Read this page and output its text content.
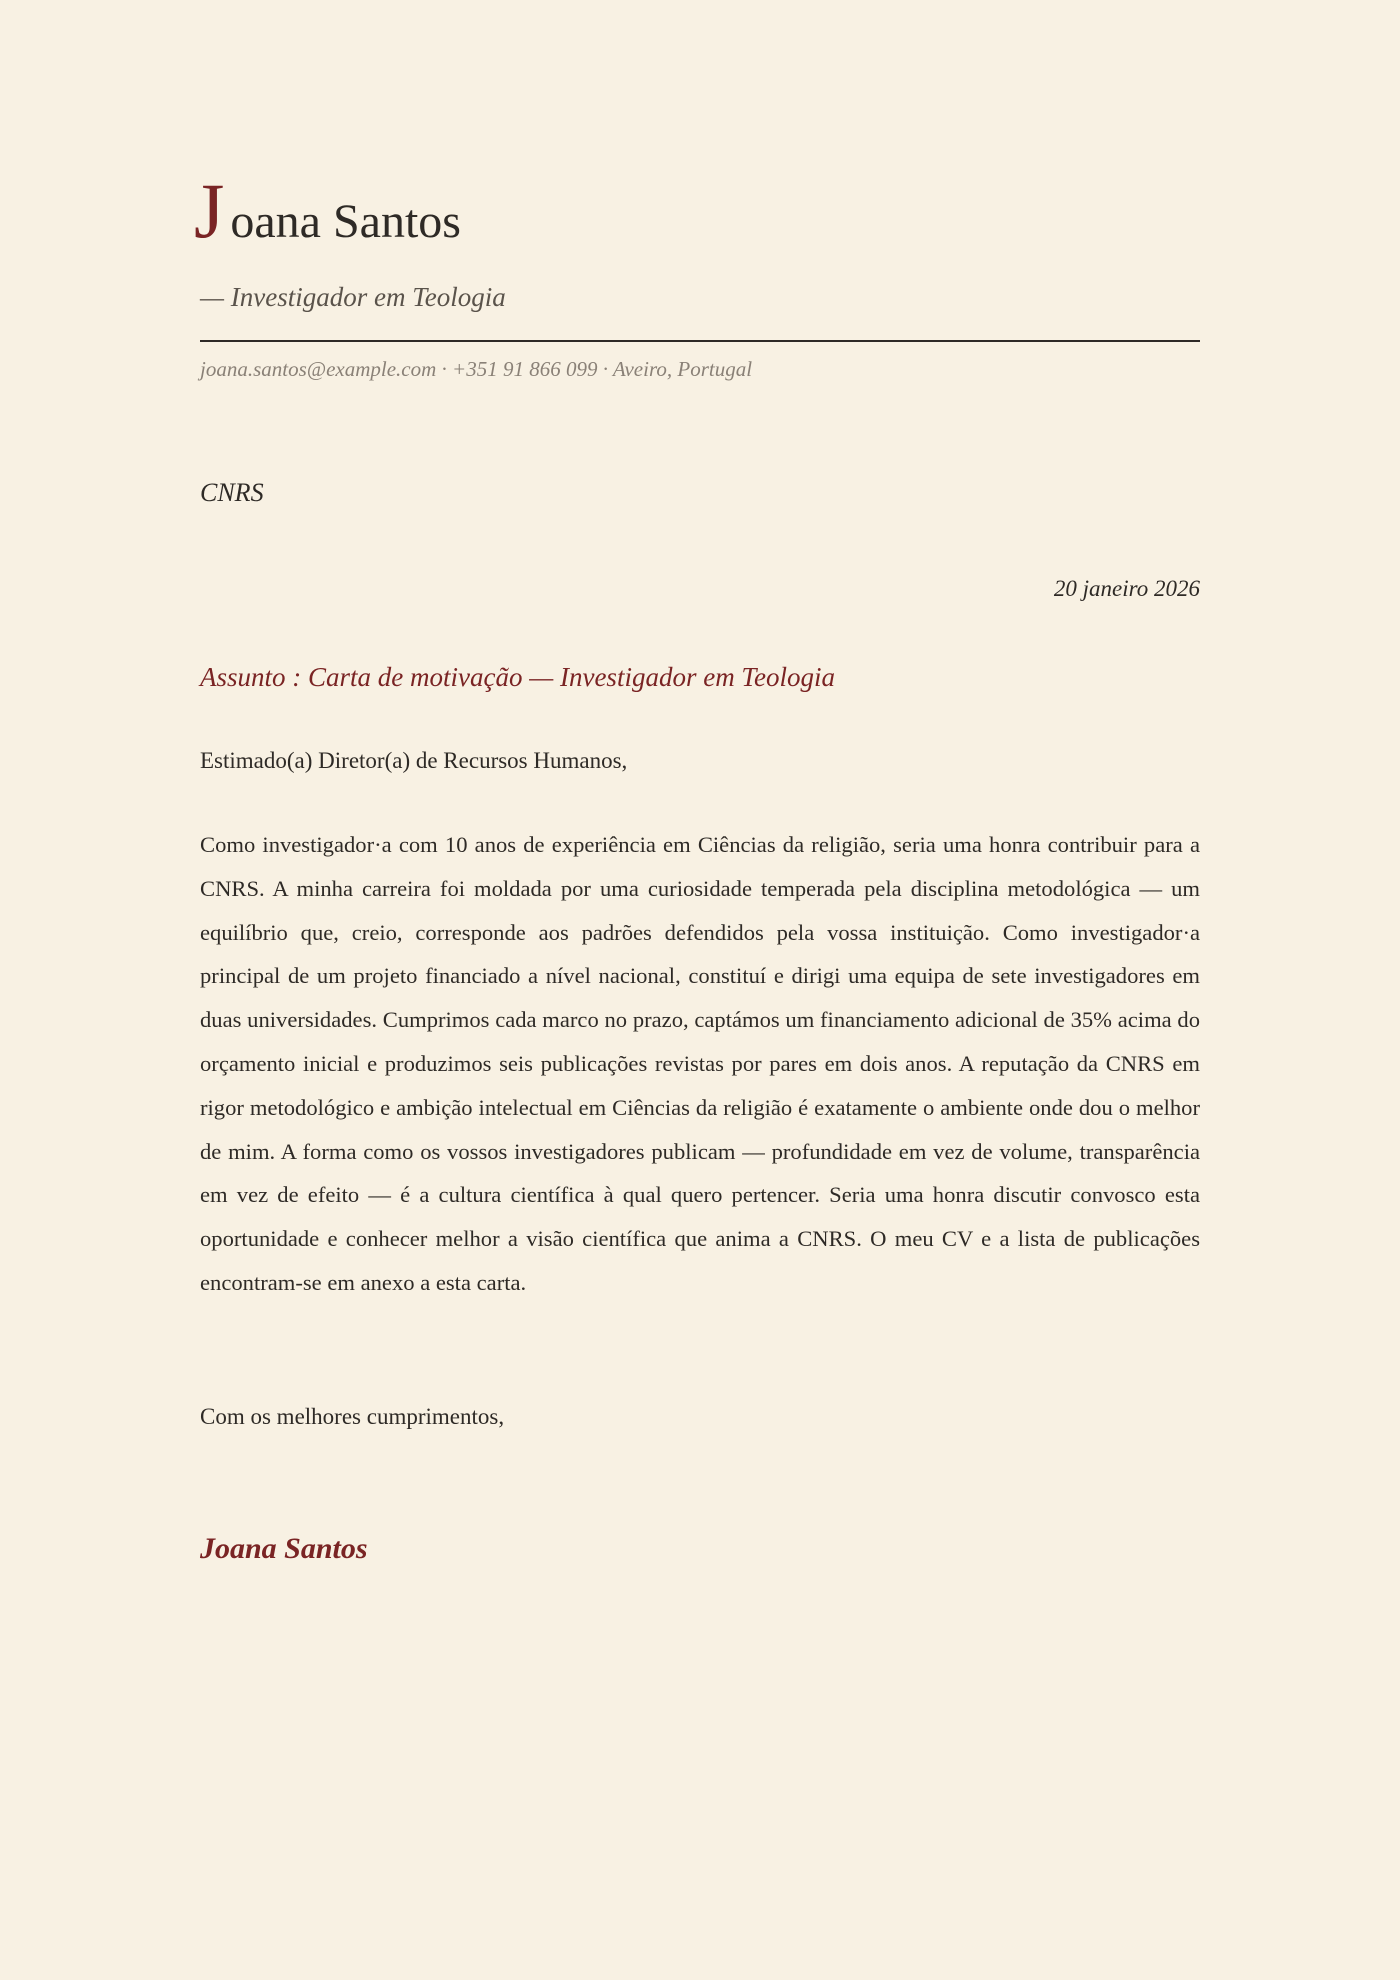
J oana Santos
— Investigador em Teologia
joana.santos@example.com · +351 91 866 099 · Aveiro, Portugal
CNRS
20 janeiro 2026
Assunto : Carta de motivação — Investigador em Teologia
Estimado(a) Diretor(a) de Recursos Humanos,
Como investigador·a com 10 anos de experiência em Ciências da religião, seria uma honra contribuir para a CNRS. A minha carreira foi moldada por uma curiosidade temperada pela disciplina metodológica — um equilíbrio que, creio, corresponde aos padrões defendidos pela vossa instituição. Como investigador·a principal de um projeto financiado a nível nacional, constituí e dirigi uma equipa de sete investigadores em duas universidades. Cumprimos cada marco no prazo, captámos um financiamento adicional de 35% acima do orçamento inicial e produzimos seis publicações revistas por pares em dois anos. A reputação da CNRS em rigor metodológico e ambição intelectual em Ciências da religião é exatamente o ambiente onde dou o melhor de mim. A forma como os vossos investigadores publicam — profundidade em vez de volume, transparência em vez de efeito — é a cultura científica à qual quero pertencer. Seria uma honra discutir convosco esta oportunidade e conhecer melhor a visão científica que anima a CNRS. O meu CV e a lista de publicações encontram-se em anexo a esta carta.
Com os melhores cumprimentos,
Joana Santos
